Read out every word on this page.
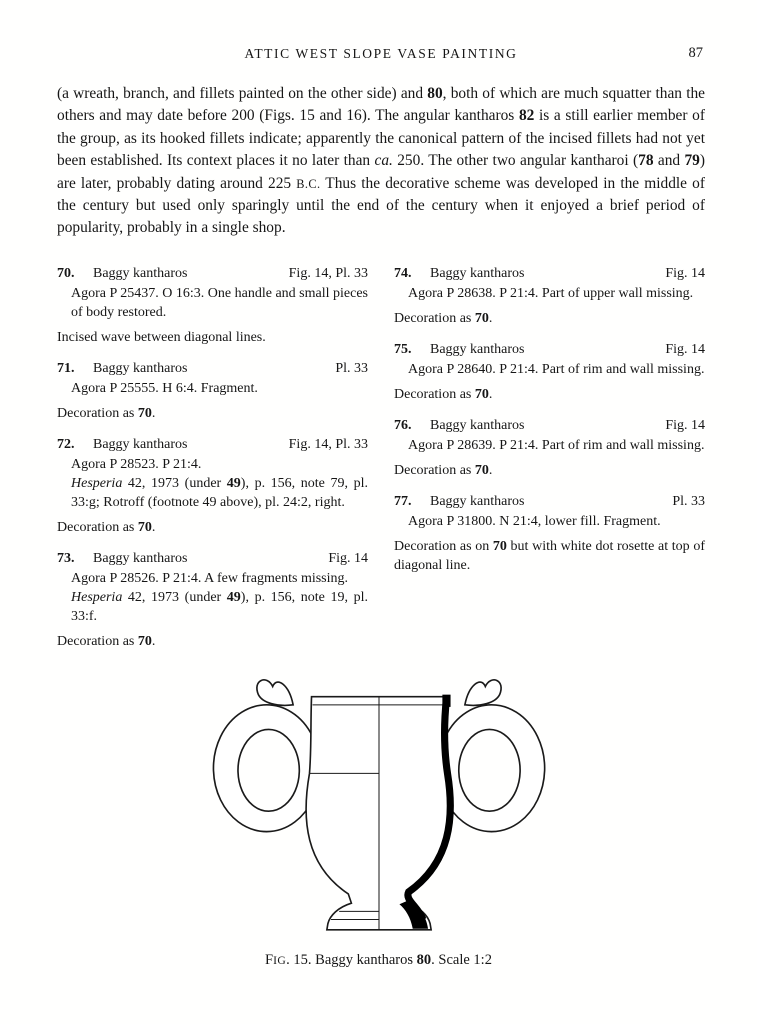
ATTIC WEST SLOPE VASE PAINTING	87
(a wreath, branch, and fillets painted on the other side) and 80, both of which are much squatter than the others and may date before 200 (Figs. 15 and 16). The angular kantharos 82 is a still earlier member of the group, as its hooked fillets indicate; apparently the canonical pattern of the incised fillets had not yet been established. Its context places it no later than ca. 250. The other two angular kantharoi (78 and 79) are later, probably dating around 225 B.C. Thus the decorative scheme was developed in the middle of the century but used only sparingly until the end of the century when it enjoyed a brief period of popularity, probably in a single shop.
70. Baggy kantharos	Fig. 14, Pl. 33
Agora P 25437. O 16:3. One handle and small pieces of body restored.
Incised wave between diagonal lines.
71. Baggy kantharos	Pl. 33
Agora P 25555. H 6:4. Fragment.
Decoration as 70.
72. Baggy kantharos	Fig. 14, Pl. 33
Agora P 28523. P 21:4.
Hesperia 42, 1973 (under 49), p. 156, note 79, pl. 33:g; Rotroff (footnote 49 above), pl. 24:2, right.
Decoration as 70.
73. Baggy kantharos	Fig. 14
Agora P 28526. P 21:4. A few fragments missing.
Hesperia 42, 1973 (under 49), p. 156, note 19, pl. 33:f.
Decoration as 70.
74. Baggy kantharos	Fig. 14
Agora P 28638. P 21:4. Part of upper wall missing.
Decoration as 70.
75. Baggy kantharos	Fig. 14
Agora P 28640. P 21:4. Part of rim and wall missing.
Decoration as 70.
76. Baggy kantharos	Fig. 14
Agora P 28639. P 21:4. Part of rim and wall missing.
Decoration as 70.
77. Baggy kantharos	Pl. 33
Agora P 31800. N 21:4, lower fill. Fragment.
Decoration as on 70 but with white dot rosette at top of diagonal line.
FIG. 15. Baggy kantharos 80. Scale 1:2
